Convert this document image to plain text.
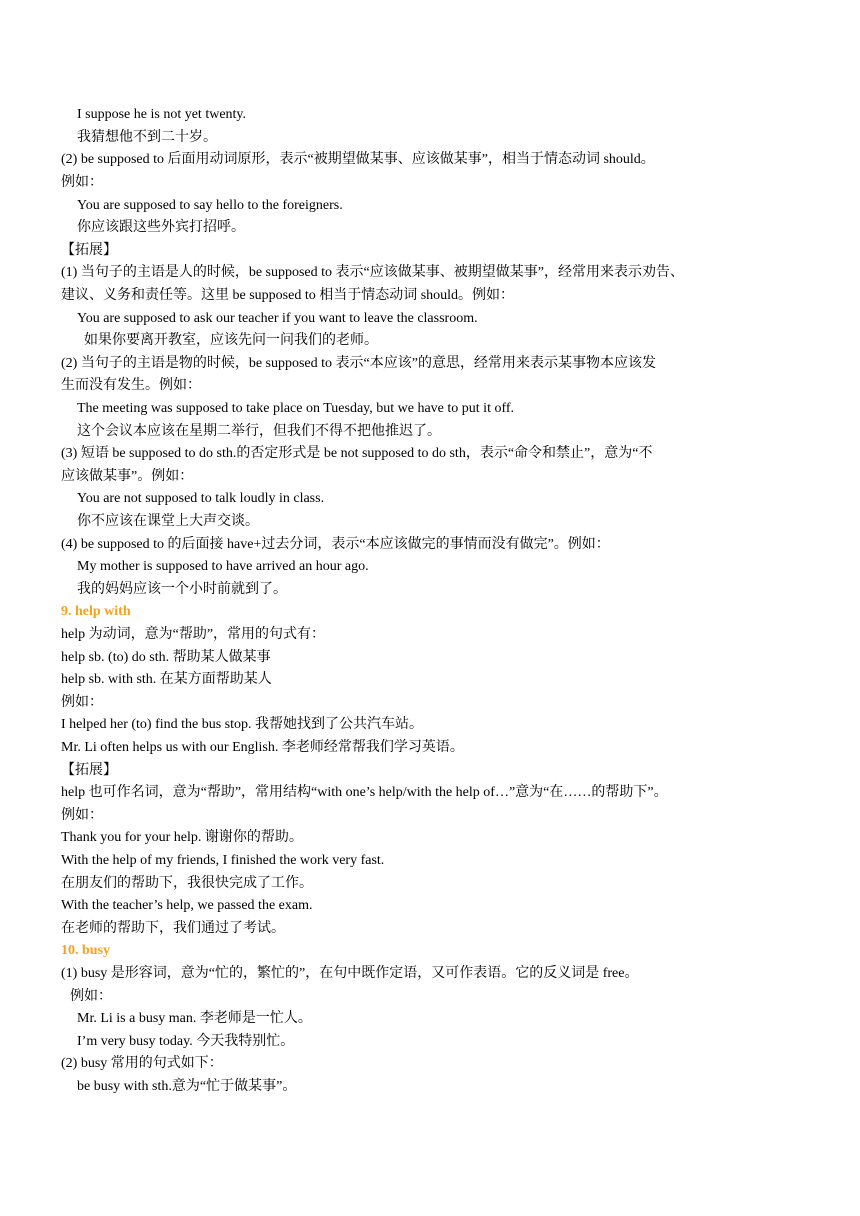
I suppose he is not yet twenty.
我猜想他不到二十岁。
(2) be supposed to 后面用动词原形，表示“被期望做某事、应该做某事”，相当于情态动词 should。
例如：
You are supposed to say hello to the foreigners.
你应该跟这些外宾打招呼。
【拓展】
(1) 当句子的主语是人的时候，be supposed to 表示“应该做某事、被期望做某事”，经常用来表示劝告、
建议、义务和责任等。这里 be supposed to 相当于情态动词 should。例如：
You are supposed to ask our teacher if you want to leave the classroom.
如果你要离开教室，应该先问一问我们的老师。
(2) 当句子的主语是物的时候，be supposed to 表示“本应该”的意思，经常用来表示某事物本应该发
生而没有发生。例如：
The meeting was supposed to take place on Tuesday, but we have to put it off.
这个会议本应该在星期二举行，但我们不得不把他推迟了。
(3) 短语 be supposed to do sth.的否定形式是 be not supposed to do sth，表示“命令和禁止”，意为“不
应该做某事”。例如：
You are not supposed to talk loudly in class.
你不应该在课堂上大声交谈。
(4) be supposed to 的后面接 have+过去分词，表示“本应该做完的事情而没有做完”。例如：
My mother is supposed to have arrived an hour ago.
我的妈妈应该一个小时前就到了。
9. help with
help 为动词，意为“帮助”，常用的句式有：
help sb. (to) do sth. 帮助某人做某事
help sb. with sth. 在某方面帮助某人
例如：
I helped her (to) find the bus stop. 我帮她找到了公共汽车站。
Mr. Li often helps us with our English. 李老师经常帮我们学习英语。
【拓展】
help 也可作名词，意为“帮助”，常用结构“with one’s help/with the help of…”意为“在……的帮助下”。
例如：
Thank you for your help. 谢谢你的帮助。
With the help of my friends, I finished the work very fast.
在朋友们的帮助下，我很快完成了工作。
With the teacher’s help, we passed the exam.
在老师的帮助下，我们通过了考试。
10. busy
(1) busy 是形容词，意为“忙的，繁忙的”，在句中既作定语，又可作表语。它的反义词是 free。
例如：
Mr. Li is a busy man. 李老师是一忙人。
I’m very busy today. 今天我特别忙。
(2) busy 常用的句式如下：
be busy with sth.意为“忙于做某事”。
